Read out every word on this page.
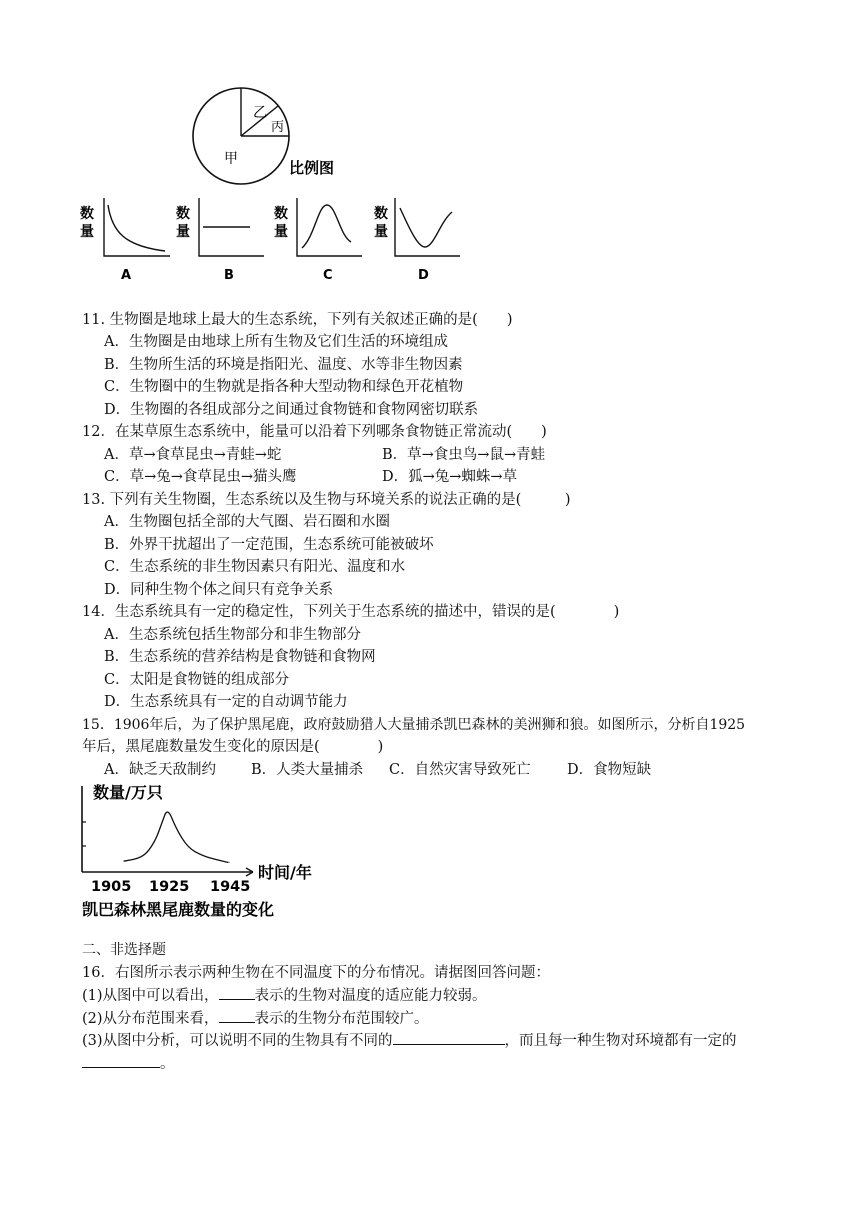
甲
乙
丙
比例图
数
量
A
数
量
B
数
量
C
数
量
D
11. 生物圈是地球上最大的生态系统，下列有关叙述正确的是(　　)
A．生物圈是由地球上所有生物及它们生活的环境组成
B．生物所生活的环境是指阳光、温度、水等非生物因素
C．生物圈中的生物就是指各种大型动物和绿色开花植物
D．生物圈的各组成部分之间通过食物链和食物网密切联系
12．在某草原生态系统中，能量可以沿着下列哪条食物链正常流动(　　)
A．草→食草昆虫→青蛙→蛇	B．草→食虫鸟→鼠→青蛙
C．草→兔→食草昆虫→猫头鹰	D．狐→兔→蜘蛛→草
13. 下列有关生物圈，生态系统以及生物与环境关系的说法正确的是(　　　)
A．生物圈包括全部的大气圈、岩石圈和水圈
B．外界干扰超出了一定范围，生态系统可能被破坏
C．生态系统的非生物因素只有阳光、温度和水
D．同种生物个体之间只有竞争关系
14．生态系统具有一定的稳定性，下列关于生态系统的描述中，错误的是(　　　　)
A．生态系统包括生物部分和非生物部分
B．生态系统的营养结构是食物链和食物网
C．太阳是食物链的组成部分
D．生态系统具有一定的自动调节能力
15．1906年后，为了保护黑尾鹿，政府鼓励猎人大量捕杀凯巴森林的美洲狮和狼。如图所示，分析自1925
年后，黑尾鹿数量发生变化的原因是(　　　　)
A．缺乏天敌制约 B．人类大量捕杀 C．自然灾害导致死亡	D．食物短缺
数量/万只
1905 1925 1945
时间/年
凯巴森林黑尾鹿数量的变化
二、非选择题
16．右图所示表示两种生物在不同温度下的分布情况。请据图回答问题：
(1)从图中可以看出， 表示的生物对温度的适应能力较弱。
(2)从分布范围来看， 表示的生物分布范围较广。
(3)从图中分析，可以说明不同的生物具有不同的	，而且每一种生物对环境都有一定的
。
